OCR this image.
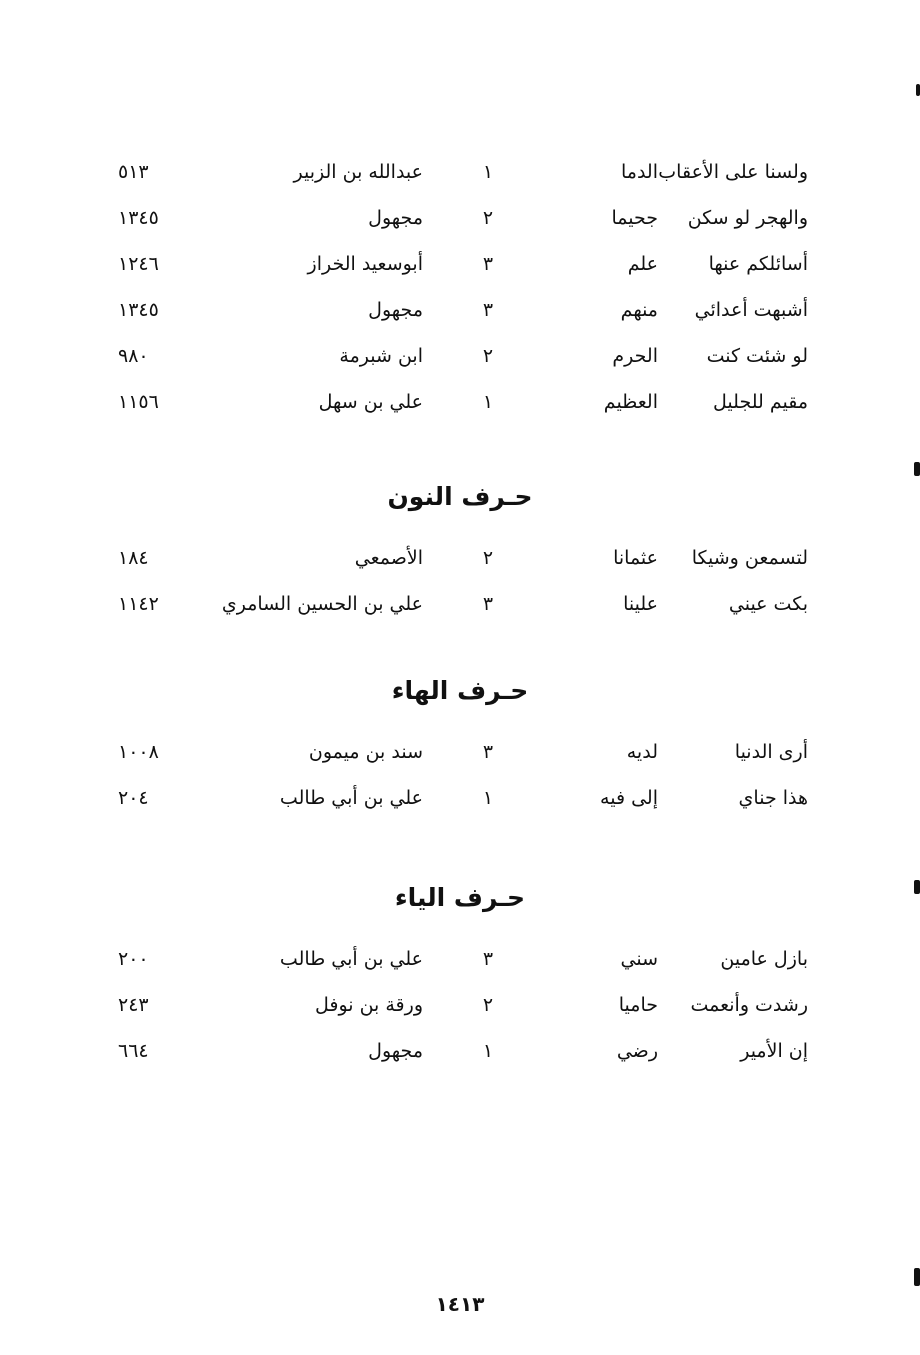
ولسنا على الأعقاب
الدما
١
عبدالله بن الزبير
٥١٣
والهجر لو سكن
جحيما
٢
مجهول
١٣٤٥
أسائلكم عنها
علم
٣
أبوسعيد الخراز
١٢٤٦
أشبهت أعدائي
منهم
٣
مجهول
١٣٤٥
لو شئت كنت
الحرم
٢
ابن شبرمة
٩٨٠
مقيم للجليل
العظيم
١
علي بن سهل
١١٥٦
حـرف النون
لتسمعن وشيكا
عثمانا
٢
الأصمعي
١٨٤
بكت عيني
علينا
٣
علي بن الحسين السامري
١١٤٢
حـرف الهاء
أرى الدنيا
لديه
٣
سند بن ميمون
١٠٠٨
هذا جناي
إلى فيه
١
علي بن أبي طالب
٢٠٤
حـرف الياء
بازل عامين
سني
٣
علي بن أبي طالب
٢٠٠
رشدت وأنعمت
حاميا
٢
ورقة بن نوفل
٢٤٣
إن الأمير
رضي
١
مجهول
٦٦٤
١٤١٣
